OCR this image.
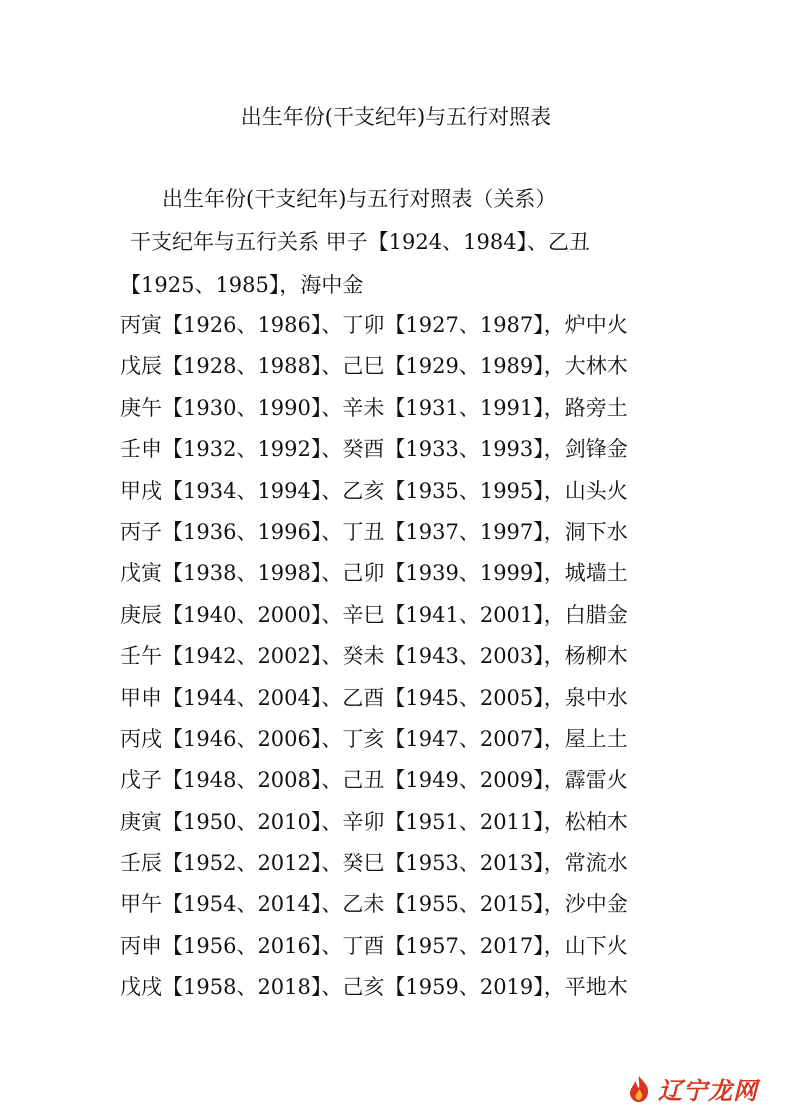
出生年份(干支纪年)与五行对照表
出生年份(干支纪年)与五行对照表（关系）
干支纪年与五行关系 甲子【1924、1984】、乙丑
【1925、1985】，海中金
丙寅【1926、1986】、丁卯【1927、1987】，炉中火
戊辰【1928、1988】、己巳【1929、1989】，大林木
庚午【1930、1990】、辛未【1931、1991】，路旁土
壬申【1932、1992】、癸酉【1933、1993】，剑锋金
甲戌【1934、1994】、乙亥【1935、1995】，山头火
丙子【1936、1996】、丁丑【1937、1997】，洞下水
戊寅【1938、1998】、己卯【1939、1999】，城墙土
庚辰【1940、2000】、辛巳【1941、2001】，白腊金
壬午【1942、2002】、癸未【1943、2003】，杨柳木
甲申【1944、2004】、乙酉【1945、2005】，泉中水
丙戌【1946、2006】、丁亥【1947、2007】，屋上土
戊子【1948、2008】、己丑【1949、2009】，霹雷火
庚寅【1950、2010】、辛卯【1951、2011】，松柏木
壬辰【1952、2012】、癸巳【1953、2013】，常流水
甲午【1954、2014】、乙未【1955、2015】，沙中金
丙申【1956、2016】、丁酉【1957、2017】，山下火
戊戌【1958、2018】、己亥【1959、2019】，平地木
辽宁龙网
